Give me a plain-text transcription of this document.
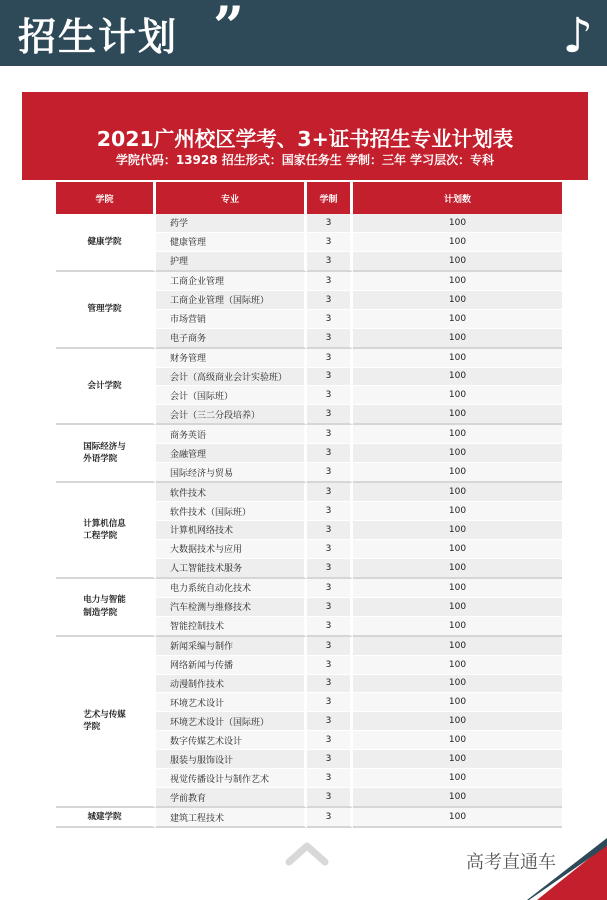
招生计划 ”	♪
2021广州校区学考、3+证书招生专业计划表
学院代码：13928 招生形式：国家任务生 学制：三年 学习层次：专科
学院	专业	学制	计划数
健康学院	药学	3	100
	健康管理	3	100
	护理	3	100
管理学院	工商企业管理	3	100
	工商企业管理（国际班）	3	100
	市场营销	3	100
	电子商务	3	100
会计学院	财务管理	3	100
	会计（高级商业会计实验班）	3	100
	会计（国际班）	3	100
	会计（三二分段培养）	3	100
国际经济与
外语学院	商务英语	3	100
	金融管理	3	100
	国际经济与贸易	3	100
计算机信息
工程学院	软件技术	3	100
	软件技术（国际班）	3	100
	计算机网络技术	3	100
	大数据技术与应用	3	100
	人工智能技术服务	3	100
电力与智能
制造学院	电力系统自动化技术	3	100
	汽车检测与维修技术	3	100
	智能控制技术	3	100
艺术与传媒
学院	新闻采编与制作	3	100
	网络新闻与传播	3	100
	动漫制作技术	3	100
	环境艺术设计	3	100
	环境艺术设计（国际班）	3	100
	数字传媒艺术设计	3	100
	服装与服饰设计	3	100
	视觉传播设计与制作艺术	3	100
	学前教育	3	100
城建学院	建筑工程技术	3	100
高考直通车
